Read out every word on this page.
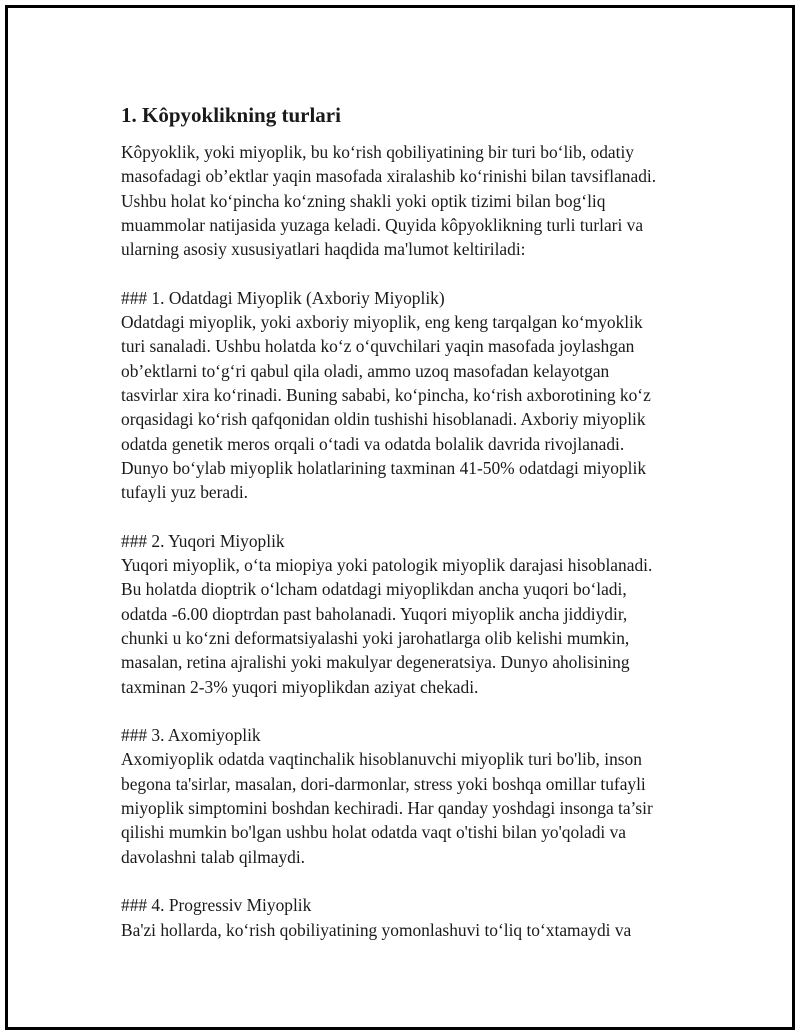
1. Kôpyoklikning turlari
Kôpyoklik, yoki miyoplik, bu ko‘rish qobiliyatining bir turi bo‘lib, odatiy
masofadagi ob’ektlar yaqin masofada xiralashib ko‘rinishi bilan tavsiflanadi.
Ushbu holat ko‘pincha ko‘zning shakli yoki optik tizimi bilan bog‘liq
muammolar natijasida yuzaga keladi. Quyida kôpyoklikning turli turlari va
ularning asosiy xususiyatlari haqdida ma'lumot keltiriladi:
### 1. Odatdagi Miyoplik (Axboriy Miyoplik)
Odatdagi miyoplik, yoki axboriy miyoplik, eng keng tarqalgan ko‘myoklik
turi sanaladi. Ushbu holatda ko‘z o‘quvchilari yaqin masofada joylashgan
ob’ektlarni to‘g‘ri qabul qila oladi, ammo uzoq masofadan kelayotgan
tasvirlar xira ko‘rinadi. Buning sababi, ko‘pincha, ko‘rish axborotining ko‘z
orqasidagi ko‘rish qafqonidan oldin tushishi hisoblanadi. Axboriy miyoplik
odatda genetik meros orqali o‘tadi va odatda bolalik davrida rivojlanadi.
Dunyo bo‘ylab miyoplik holatlarining taxminan 41-50% odatdagi miyoplik
tufayli yuz beradi.
### 2. Yuqori Miyoplik
Yuqori miyoplik, o‘ta miopiya yoki patologik miyoplik darajasi hisoblanadi.
Bu holatda dioptrik o‘lcham odatdagi miyoplikdan ancha yuqori bo‘ladi,
odatda -6.00 dioptrdan past baholanadi. Yuqori miyoplik ancha jiddiydir,
chunki u ko‘zni deformatsiyalashi yoki jarohatlarga olib kelishi mumkin,
masalan, retina ajralishi yoki makulyar degeneratsiya. Dunyo aholisining
taxminan 2-3% yuqori miyoplikdan aziyat chekadi.
### 3. Axomiyoplik
Axomiyoplik odatda vaqtinchalik hisoblanuvchi miyoplik turi bo'lib, inson
begona ta'sirlar, masalan, dori-darmonlar, stress yoki boshqa omillar tufayli
miyoplik simptomini boshdan kechiradi. Har qanday yoshdagi insonga ta’sir
qilishi mumkin bo'lgan ushbu holat odatda vaqt o'tishi bilan yo'qoladi va
davolashni talab qilmaydi.
### 4. Progressiv Miyoplik
Ba'zi hollarda, ko‘rish qobiliyatining yomonlashuvi to‘liq to‘xtamaydi va
